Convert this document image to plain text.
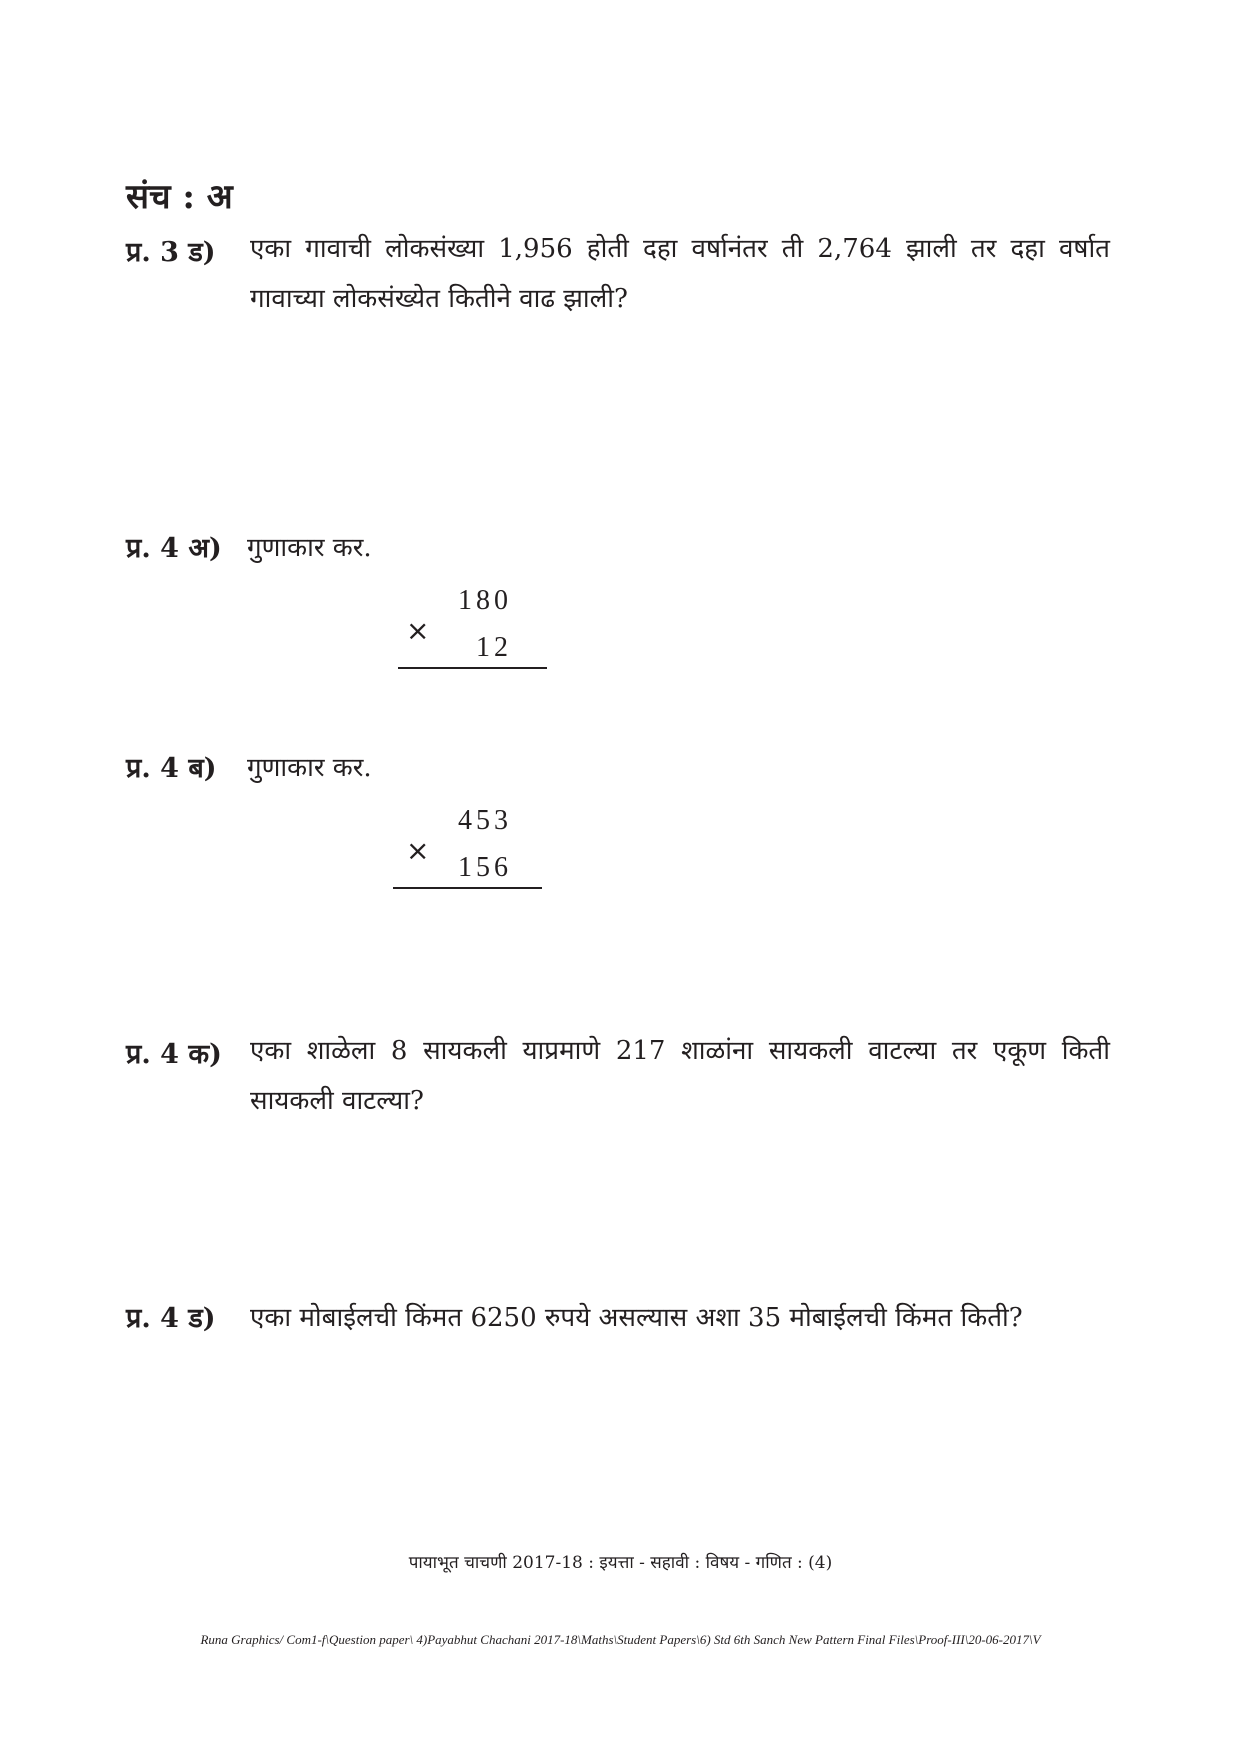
संच : अ
प्र. 3 ड) एका गावाची लोकसंख्या 1,956 होती दहा वर्षानंतर ती 2,764 झाली तर दहा वर्षात गावाच्या लोकसंख्येत कितीने वाढ झाली?
प्र. 4 अ) गुणाकार कर.
180
×
12
प्र. 4 ब) गुणाकार कर.
453
×
156
प्र. 4 क) एका शाळेला 8 सायकली याप्रमाणे 217 शाळांना सायकली वाटल्या तर एकूण किती सायकली वाटल्या?
प्र. 4 ड) एका मोबाईलची किंमत 6250 रुपये असल्यास अशा 35 मोबाईलची किंमत किती?
पायाभूत चाचणी 2017-18 : इयत्ता - सहावी : विषय - गणित : (4)
Runa Graphics/ Com1-f\Question paper\ 4)Payabhut Chachani 2017-18\Maths\Student Papers\6) Std 6th Sanch New Pattern Final Files\Proof-III\20-06-2017\V
